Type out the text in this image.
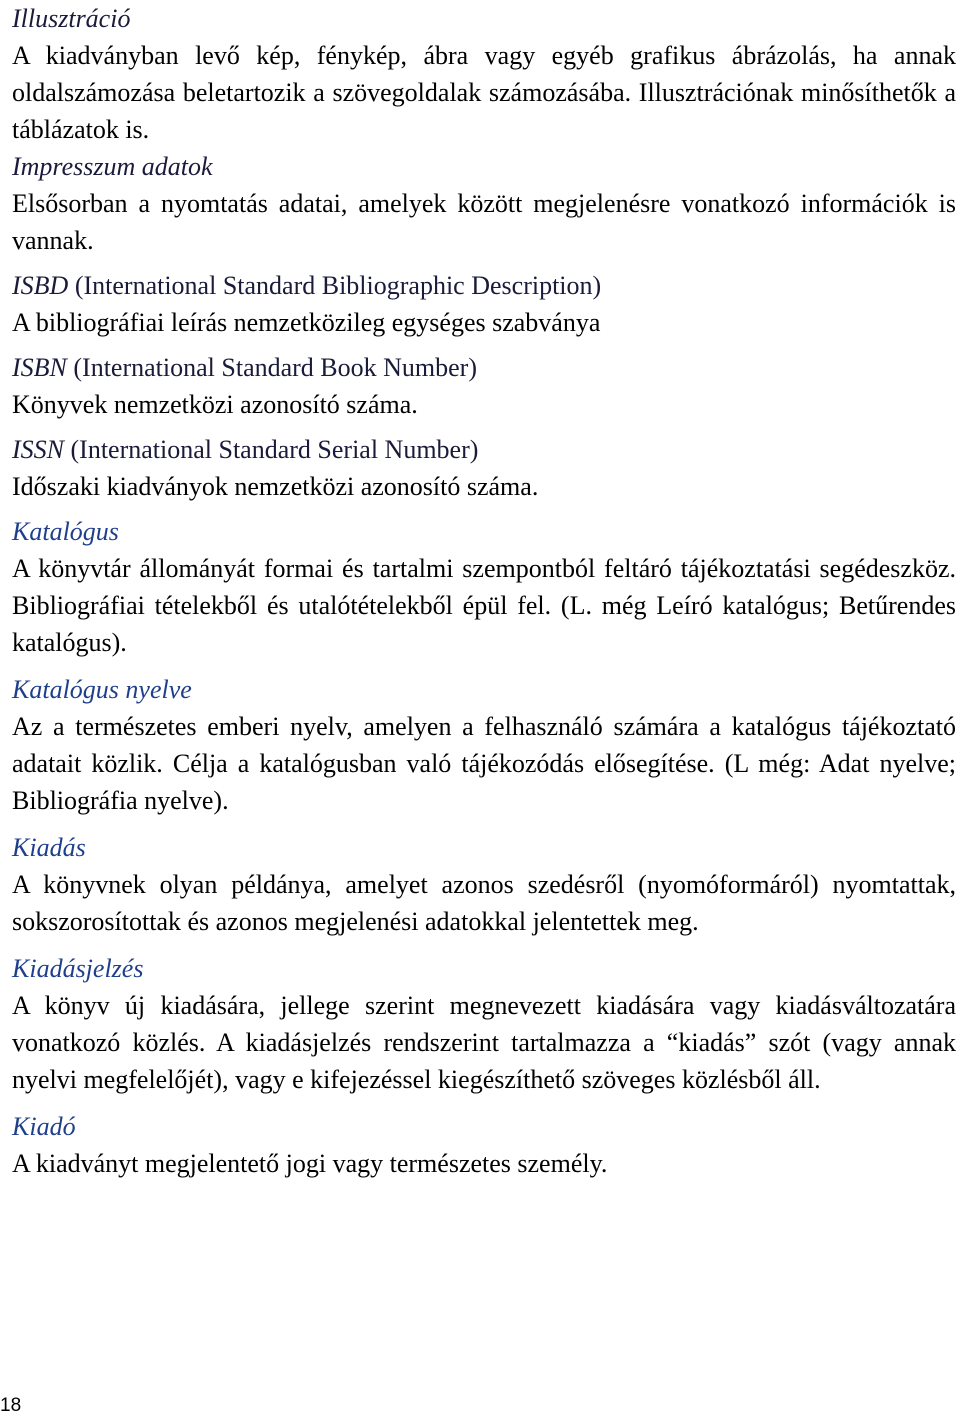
Illusztráció

A kiadványban levő kép, fénykép, ábra vagy egyéb grafikus ábrázolás, ha annak oldalszámozása beletartozik a szövegoldalak számozásába. Illusztrációnak minősíthetők a táblázatok is.

Impresszum adatok

Elsősorban a nyomtatás adatai, amelyek között megjelenésre vonatkozó információk is vannak.

ISBD (International Standard Bibliographic Description)

A bibliográfiai leírás nemzetközileg egységes szabványa

ISBN (International Standard Book Number)

Könyvek nemzetközi azonosító száma.

ISSN (International Standard Serial Number)

Időszaki kiadványok nemzetközi azonosító száma.

Katalógus

A könyvtár állományát formai és tartalmi szempontból feltáró tájékoztatási segédeszköz. Bibliográfiai tételekből és utalótételekből épül fel. (L. még Leíró katalógus; Betűrendes katalógus).

Katalógus nyelve

Az a természetes emberi nyelv, amelyen a felhasználó számára a katalógus tájékoztató adatait közlik. Célja a katalógusban való tájékozódás elősegítése. (L még: Adat nyelve; Bibliográfia nyelve).

Kiadás

A könyvnek olyan példánya, amelyet azonos szedésről (nyomóformáról) nyomtattak, sokszorosítottak és azonos megjelenési adatokkal jelentettek meg.

Kiadásjelzés

A könyv új kiadására, jellege szerint megnevezett kiadására vagy kiadásváltozatára vonatkozó közlés. A kiadásjelzés rendszerint tartalmazza a “kiadás” szót (vagy annak nyelvi megfelelőjét), vagy e kifejezéssel kiegészíthető szöveges közlésből áll.

Kiadó

A kiadványt megjelentető jogi vagy természetes személy.

18
